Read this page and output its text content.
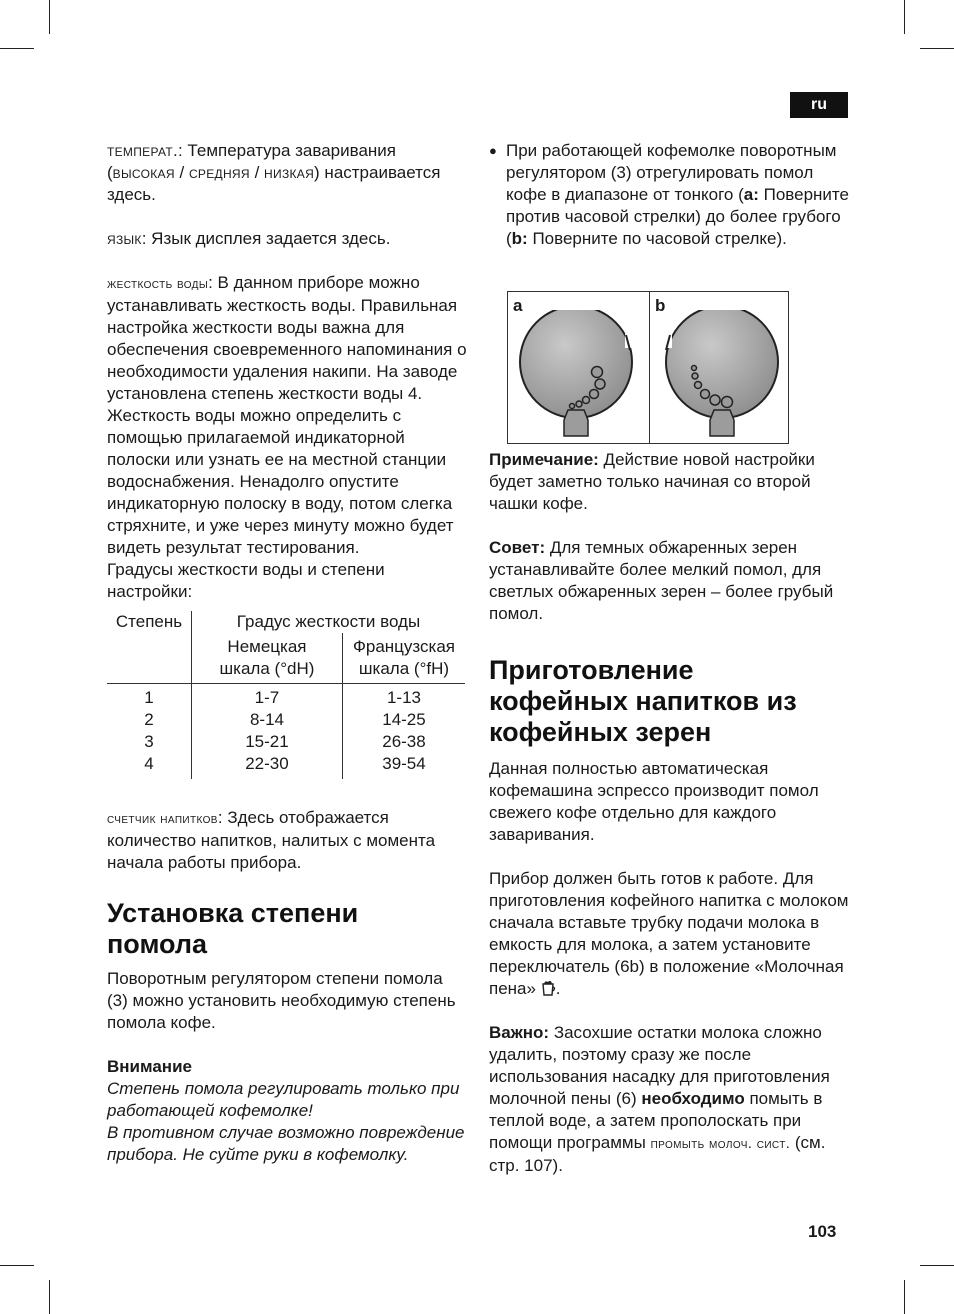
ru

температ.: Температура заваривания (высокая / средняя / низкая) настраивается здесь.

язык: Язык дисплея задается здесь.

жесткость воды: В данном приборе можно устанавливать жесткость воды. Правильная настройка жесткости воды важна для обеспечения своевременного напоминания о необходимости удаления накипи. На заводе установлена степень жесткости воды 4. Жесткость воды можно определить с помощью прилагаемой индикаторной полоски или узнать ее на местной станции водоснабжения. Ненадолго опустите индикаторную полоску в воду, потом слегка стряхните, и уже через минуту можно будет видеть результат тестирования.

Градусы жесткости воды и степени настройки:

Степень	Градус жесткости воды	
	Немецкая шкала (°dH)	Французская шкала (°fH)
1	1-7	1-13
2	8-14	14-25
3	15-21	26-38
4	22-30	39-54

счетчик напитков: Здесь отображается количество напитков, налитых с момента начала работы прибора.

Установка степени помола

Поворотным регулятором степени помола (3) можно установить необходимую степень помола кофе.

Внимание

Степень помола регулировать только при работающей кофемолке!

В противном случае возможно повреждение прибора. Не суйте руки в кофемолку.

● При работающей кофемолке поворотным регулятором (3) отрегулировать помол кофе в диапазоне от тонкого (a: Поверните против часовой стрелки) до более грубого (b: Поверните по часовой стрелке).
a	b

Примечание: Действие новой настройки будет заметно только начиная со второй чашки кофе.

Совет: Для темных обжаренных зерен устанавливайте более мелкий помол, для светлых обжаренных зерен – более грубый помол.

Приготовление кофейных напитков из кофейных зерен

Данная полностью автоматическая кофемашина эспрессо производит помол свежего кофе отдельно для каждого заваривания.

Прибор должен быть готов к работе. Для приготовления кофейного напитка с молоком сначала вставьте трубку подачи молока в емкость для молока, а затем установите переключатель (6b) в положение «Молочная пена» .

Важно: Засохшие остатки молока сложно удалить, поэтому сразу же после использования насадку для приготовления молочной пены (6) необходимо помыть в теплой воде, а затем прополоскать при помощи программы промыть молоч. сист. (см. стр. 107).

103
